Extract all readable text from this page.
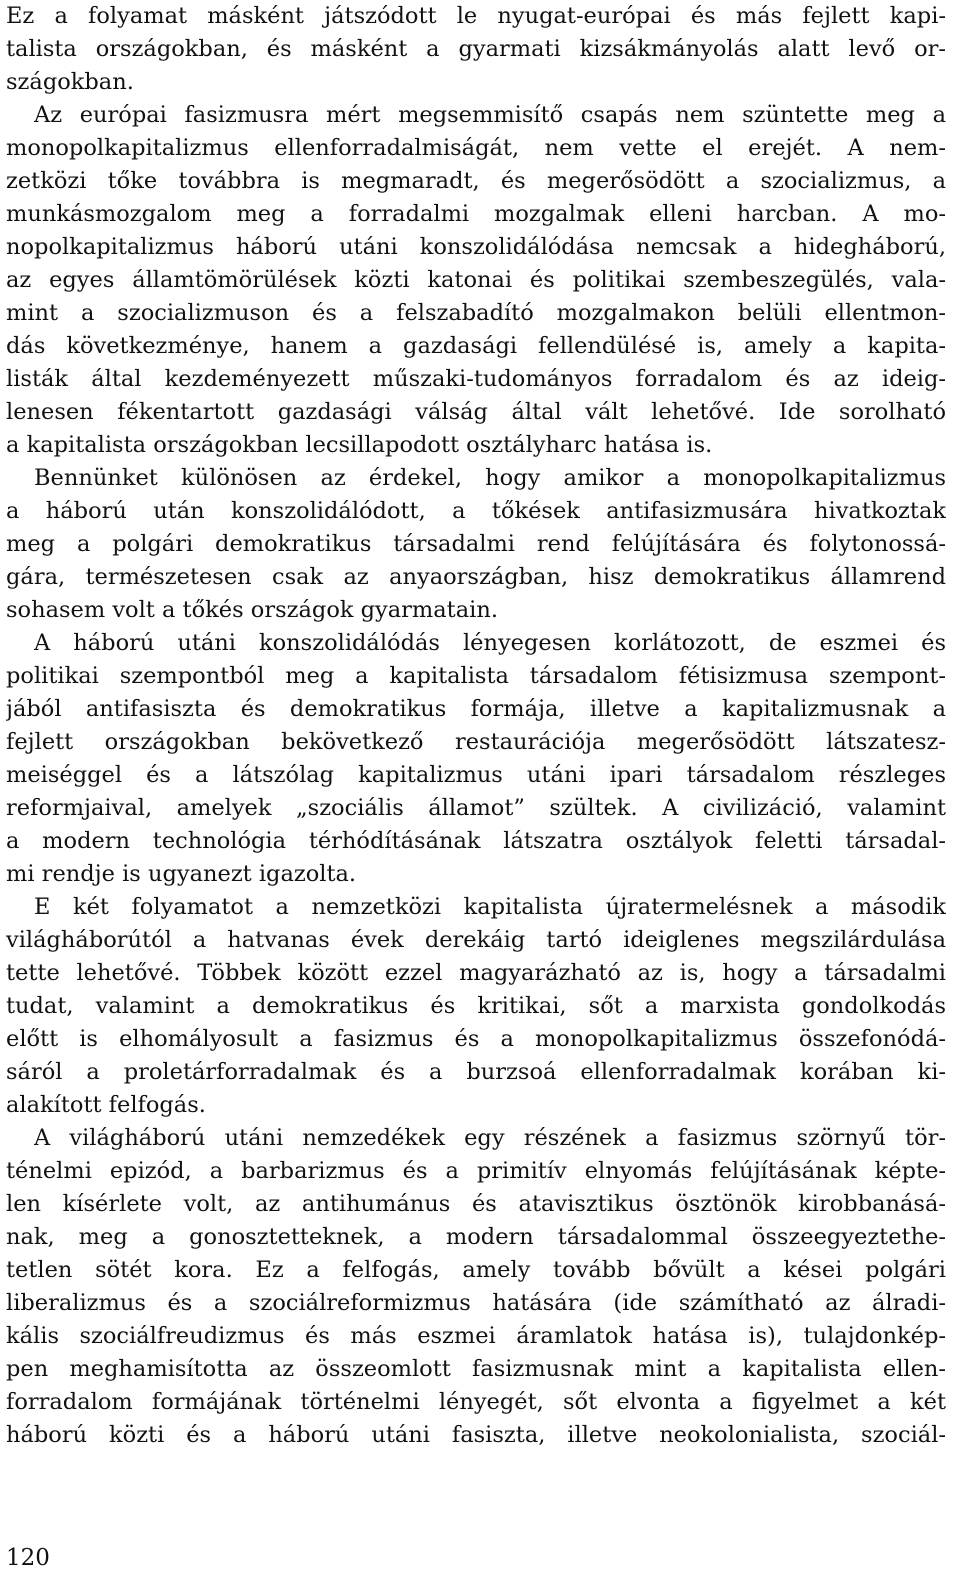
Ez a folyamat másként játszódott le nyugat-európai és más fejlett kapi-
talista országokban, és másként a gyarmati kizsákmányolás alatt levő or-
szágokban.
Az európai fasizmusra mért megsemmisítő csapás nem szüntette meg a
monopolkapitalizmus ellenforradalmiságát, nem vette el erejét. A nem-
zetközi tőke továbbra is megmaradt, és megerősödött a szocializmus, a
munkásmozgalom meg a forradalmi mozgalmak elleni harcban. A mo-
nopolkapitalizmus háború utáni konszolidálódása nemcsak a hidegháború,
az egyes államtömörülések közti katonai és politikai szembeszegülés, vala-
mint a szocializmuson és a felszabadító mozgalmakon belüli ellentmon-
dás következménye, hanem a gazdasági fellendülésé is, amely a kapita-
listák által kezdeményezett műszaki-tudományos forradalom és az ideig-
lenesen fékentartott gazdasági válság által vált lehetővé. Ide sorolható
a kapitalista országokban lecsillapodott osztályharc hatása is.
Bennünket különösen az érdekel, hogy amikor a monopolkapitalizmus
a háború után konszolidálódott, a tőkések antifasizmusára hivatkoztak
meg a polgári demokratikus társadalmi rend felújítására és folytonossá-
gára, természetesen csak az anyaországban, hisz demokratikus államrend
sohasem volt a tőkés országok gyarmatain.
A háború utáni konszolidálódás lényegesen korlátozott, de eszmei és
politikai szempontból meg a kapitalista társadalom fétisizmusa szempont-
jából antifasiszta és demokratikus formája, illetve a kapitalizmusnak a
fejlett országokban bekövetkező restaurációja megerősödött látszatesz-
meiséggel és a látszólag kapitalizmus utáni ipari társadalom részleges
reformjaival, amelyek „szociális államot” szültek. A civilizáció, valamint
a modern technológia térhódításának látszatra osztályok feletti társadal-
mi rendje is ugyanezt igazolta.
E két folyamatot a nemzetközi kapitalista újratermelésnek a második
világháborútól a hatvanas évek derekáig tartó ideiglenes megszilárdulása
tette lehetővé. Többek között ezzel magyarázható az is, hogy a társadalmi
tudat, valamint a demokratikus és kritikai, sőt a marxista gondolkodás
előtt is elhomályosult a fasizmus és a monopolkapitalizmus összefonódá-
sáról a proletárforradalmak és a burzsoá ellenforradalmak korában ki-
alakított felfogás.
A világháború utáni nemzedékek egy részének a fasizmus szörnyű tör-
ténelmi epizód, a barbarizmus és a primitív elnyomás felújításának képte-
len kísérlete volt, az antihumánus és atavisztikus ösztönök kirobbanásá-
nak, meg a gonosztetteknek, a modern társadalommal összeegyeztethe-
tetlen sötét kora. Ez a felfogás, amely tovább bővült a kései polgári
liberalizmus és a szociálreformizmus hatására (ide számítható az álradi-
kális szociálfreudizmus és más eszmei áramlatok hatása is), tulajdonkép-
pen meghamisította az összeomlott fasizmusnak mint a kapitalista ellen-
forradalom formájának történelmi lényegét, sőt elvonta a figyelmet a két
háború közti és a háború utáni fasiszta, illetve neokolonialista, szociál-
120
